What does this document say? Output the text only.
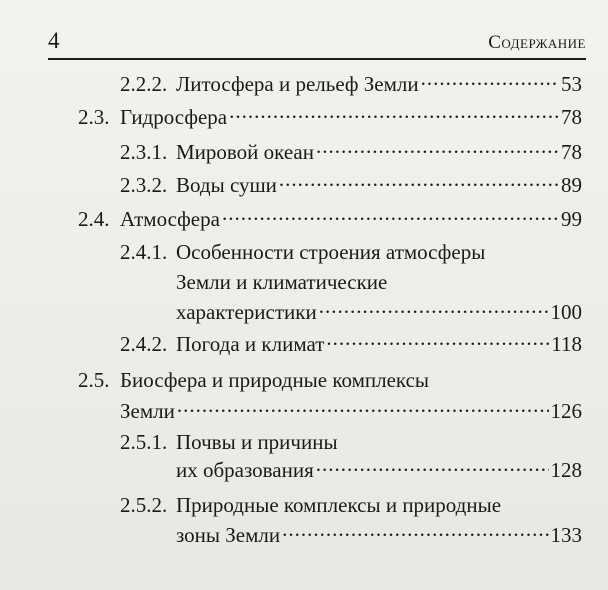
4	Содержание
2.2.2. Литосфера и рельеф Земли .....	53
2.3. Гидросфера .....	78
2.3.1. Мировой океан .....	78
2.3.2. Воды суши .....	89
2.4. Атмосфера .....	99
2.4.1. Особенности строения атмосферы
Земли и климатические
характеристики .....	100
2.4.2. Погода и климат .....	118
2.5. Биосфера и природные комплексы
Земли .....	126
2.5.1. Почвы и причины
их образования .....	128
2.5.2. Природные комплексы и природные
зоны Земли .....	133
